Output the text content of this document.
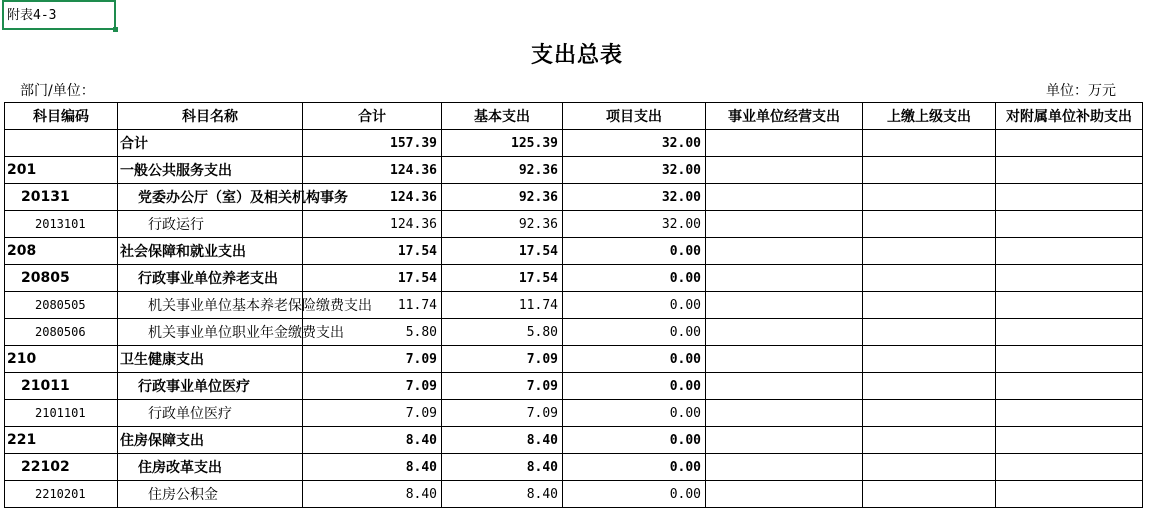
附表4-3
支出总表
部门/单位：	单位：万元
科目编码	科目名称	合计	基本支出	项目支出	事业单位经营支出	上缴上级支出	对附属单位补助支出
	合计	157.39	125.39	32.00			
201	一般公共服务支出	124.36	92.36	32.00			
20131	党委办公厅（室）及相关机构事务	124.36	92.36	32.00			
2013101	行政运行	124.36	92.36	32.00			
208	社会保障和就业支出	17.54	17.54	0.00			
20805	行政事业单位养老支出	17.54	17.54	0.00			
2080505	机关事业单位基本养老保险缴费支出	11.74	11.74	0.00			
2080506	机关事业单位职业年金缴费支出	5.80	5.80	0.00			
210	卫生健康支出	7.09	7.09	0.00			
21011	行政事业单位医疗	7.09	7.09	0.00			
2101101	行政单位医疗	7.09	7.09	0.00			
221	住房保障支出	8.40	8.40	0.00			
22102	住房改革支出	8.40	8.40	0.00			
2210201	住房公积金	8.40	8.40	0.00			
